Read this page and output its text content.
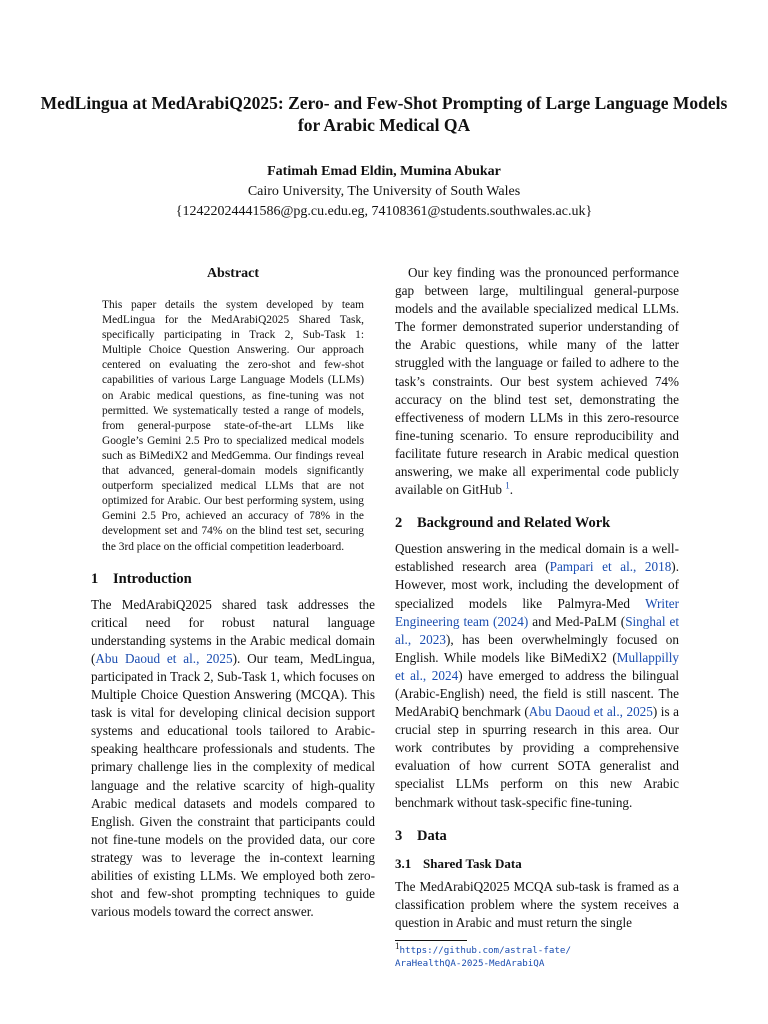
MedLingua at MedArabiQ2025: Zero- and Few-Shot Prompting of Large Language Models for Arabic Medical QA
Fatimah Emad Eldin, Mumina Abukar
Cairo University, The University of South Wales
{12422024441586@pg.cu.edu.eg, 74108361@students.southwales.ac.uk}
Abstract

This paper details the system developed by team MedLingua for the MedArabiQ2025 Shared Task, specifically participating in Track 2, Sub-Task 1: Multiple Choice Question Answering. Our approach centered on evaluating the zero-shot and few-shot capabilities of various Large Language Models (LLMs) on Arabic medical questions, as fine-tuning was not permitted. We systematically tested a range of models, from general-purpose state-of-the-art LLMs like Google’s Gemini 2.5 Pro to specialized medical models such as BiMediX2 and MedGemma. Our findings reveal that advanced, general-domain models significantly outperform specialized medical LLMs that are not optimized for Arabic. Our best performing system, using Gemini 2.5 Pro, achieved an accuracy of 78% in the development set and 74% on the blind test set, securing the 3rd place on the official competition leaderboard.

1 Introduction

The MedArabiQ2025 shared task addresses the critical need for robust natural language understanding systems in the Arabic medical domain (Abu Daoud et al., 2025). Our team, MedLingua, participated in Track 2, Sub-Task 1, which focuses on Multiple Choice Question Answering (MCQA). This task is vital for developing clinical decision support systems and educational tools tailored to Arabic-speaking healthcare professionals and students. The primary challenge lies in the complexity of medical language and the relative scarcity of high-quality Arabic medical datasets and models compared to English. Given the constraint that participants could not fine-tune models on the provided data, our core strategy was to leverage the in-context learning abilities of existing LLMs. We employed both zero-shot and few-shot prompting techniques to guide various models toward the correct answer.

Our key finding was the pronounced performance gap between large, multilingual general-purpose models and the available specialized medical LLMs. The former demonstrated superior understanding of the Arabic questions, while many of the latter struggled with the language or failed to adhere to the task’s constraints. Our best system achieved 74% accuracy on the blind test set, demonstrating the effectiveness of modern LLMs in this zero-resource fine-tuning scenario. To ensure reproducibility and facilitate future research in Arabic medical question answering, we make all experimental code publicly available on GitHub $^1$.

2 Background and Related Work

Question answering in the medical domain is a well-established research area (Pampari et al., 2018). However, most work, including the development of specialized models like Palmyra-Med Writer Engineering team (2024) and Med-PaLM (Singhal et al., 2023), has been overwhelmingly focused on English. While models like BiMediX2 (Mullappilly et al., 2024) have emerged to address the bilingual (Arabic-English) need, the field is still nascent. The MedArabiQ benchmark (Abu Daoud et al., 2025) is a crucial step in spurring research in this area. Our work contributes by providing a comprehensive evaluation of how current SOTA generalist and specialist LLMs perform on this new Arabic benchmark without task-specific fine-tuning.

3 Data
3.1 Shared Task Data

The MedArabiQ2025 MCQA sub-task is framed as a classification problem where the system receives a question in Arabic and must return the single

$^1$https://github.com/astral-fate/
AraHealthQA-2025-MedArabiQA
